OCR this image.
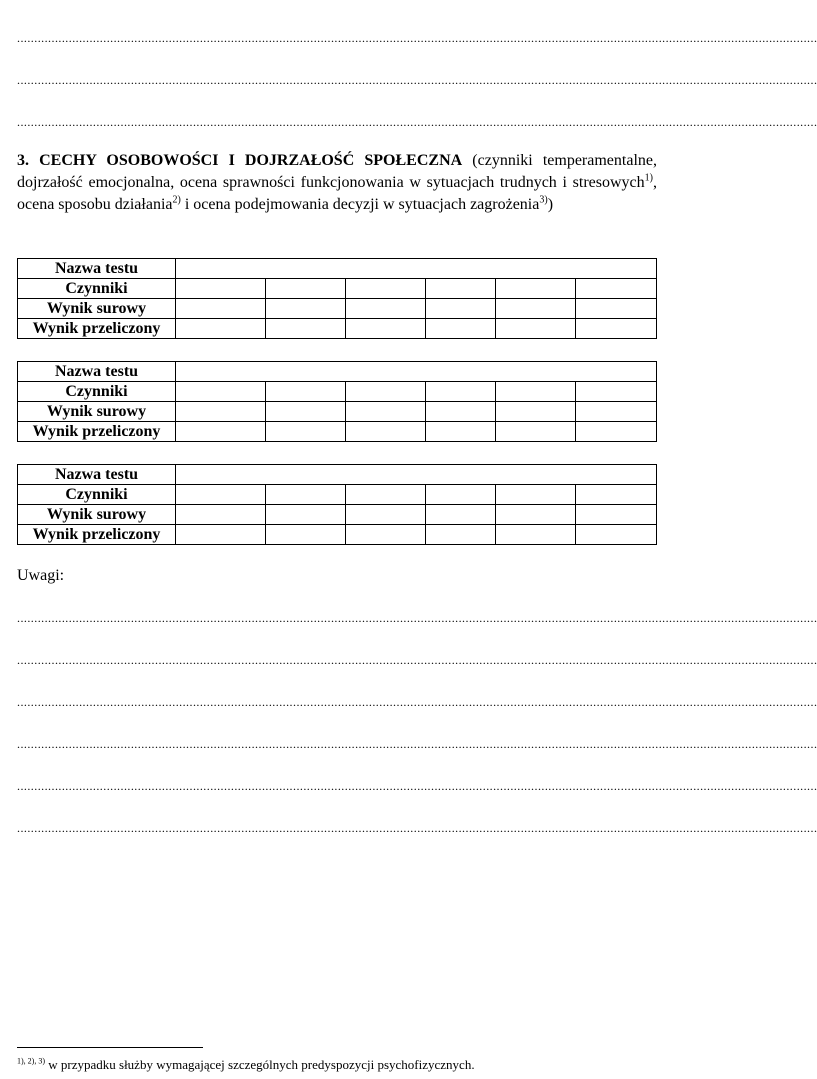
........................................................................................................................................................................................................................................
........................................................................................................................................................................................................................................
........................................................................................................................................................................................................................................
3. CECHY OSOBOWOŚCI I DOJRZAŁOŚĆ SPOŁECZNA (czynniki temperamentalne, dojrzałość emocjonalna, ocena sprawności funkcjonowania w sytuacjach trudnych i stresowych$^{1)}$, ocena sposobu działania$^{2)}$ i ocena podejmowania decyzji w sytuacjach zagrożenia$^{3)}$)
Nazwa testu						
Czynniki						
Wynik surowy						
Wynik przeliczony						
Nazwa testu						
Czynniki						
Wynik surowy						
Wynik przeliczony						
Nazwa testu						
Czynniki						
Wynik surowy						
Wynik przeliczony						
Uwagi:
........................................................................................................................................................................................................................................
........................................................................................................................................................................................................................................
........................................................................................................................................................................................................................................
........................................................................................................................................................................................................................................
........................................................................................................................................................................................................................................
........................................................................................................................................................................................................................................
$^{1), 2), 3)}$ w przypadku służby wymagającej szczególnych predyspozycji psychofizycznych.
